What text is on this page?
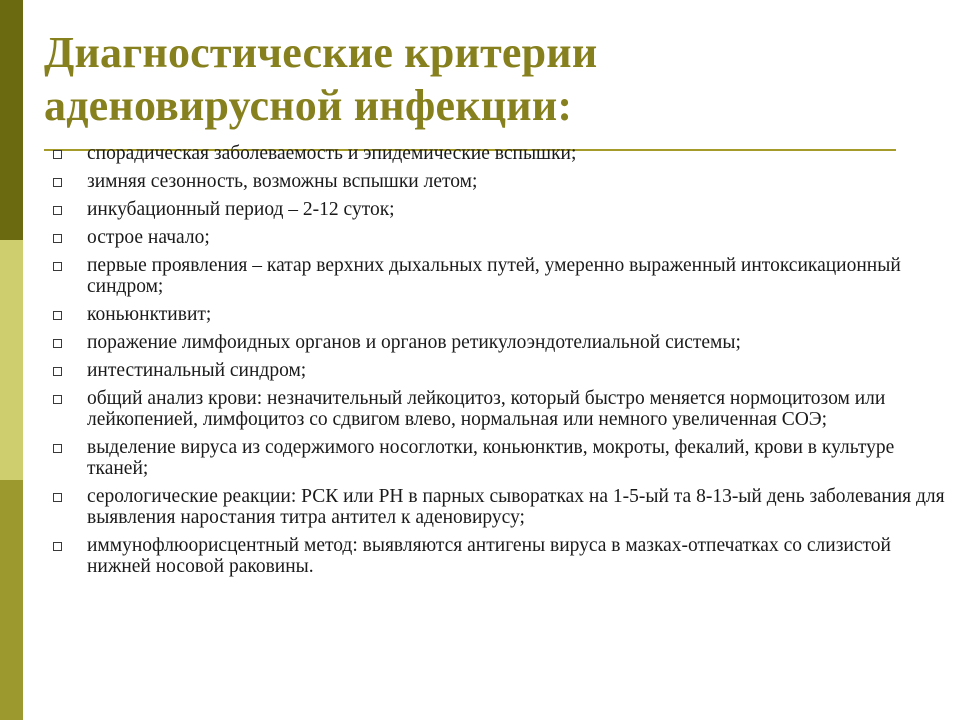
Диагностические критерии
аденовирусной инфекции:
спорадическая заболеваемость и эпидемические вспышки;
зимняя сезонность, возможны вспышки летом;
инкубационный период – 2-12 суток;
острое начало;
первые проявления – катар верхних дыхальных путей, умеренно выраженный интоксикационный синдром;
коньюнктивит;
поражение лимфоидных органов и органов ретикулоэндотелиальной системы;
интестинальный синдром;
общий анализ крови: незначительный лейкоцитоз, который быстро меняется нормоцитозом или лейкопенией, лимфоцитоз со сдвигом влево, нормальная или немного увеличенная СОЭ;
выделение вируса из содержимого носоглотки, коньюнктив, мокроты, фекалий, крови в культуре тканей;
серологические реакции: РСК или РН в парных сыворатках на 1-5-ый та 8-13-ый день заболевания для выявления наростания титра антител к аденовирусу;
иммунофлюорисцентный метод: выявляются антигены вируса в мазках-отпечатках со слизистой нижней носовой раковины.
